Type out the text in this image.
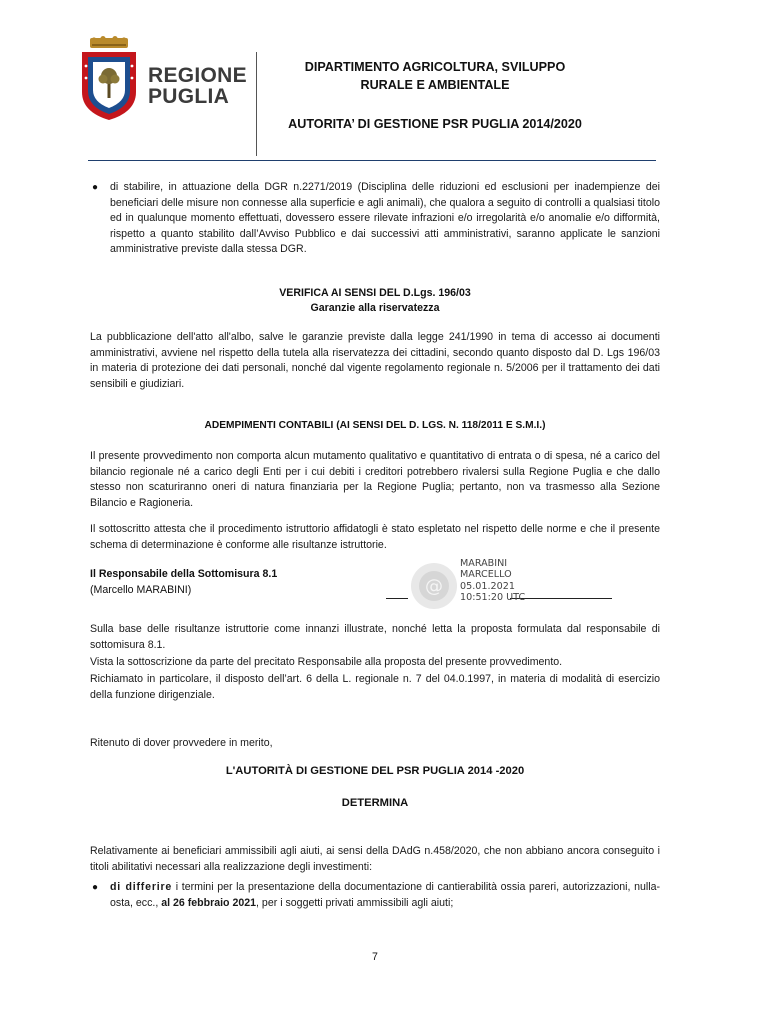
REGIONE
PUGLIA
DIPARTIMENTO AGRICOLTURA, SVILUPPO
RURALE E AMBIENTALE
AUTORITA’ DI GESTIONE PSR PUGLIA 2014/2020
● di stabilire, in attuazione della DGR n.2271/2019 (Disciplina delle riduzioni ed esclusioni per inadempienze dei beneficiari delle misure non connesse alla superficie e agli animali), che qualora a seguito di controlli a qualsiasi titolo ed in qualunque momento effettuati, dovessero essere rilevate infrazioni e/o irregolarità e/o anomalie e/o difformità, rispetto a quanto stabilito dall’Avviso Pubblico e dai successivi atti amministrativi, saranno applicate le sanzioni amministrative previste dalla stessa DGR.
VERIFICA AI SENSI DEL D.Lgs. 196/03
Garanzie alla riservatezza
La pubblicazione dell'atto all'albo, salve le garanzie previste dalla legge 241/1990 in tema di accesso ai documenti amministrativi, avviene nel rispetto della tutela alla riservatezza dei cittadini, secondo quanto disposto dal D. Lgs 196/03 in materia di protezione dei dati personali, nonché dal vigente regolamento regionale n. 5/2006 per il trattamento dei dati sensibili e giudiziari.
ADEMPIMENTI CONTABILI (AI SENSI DEL D. LGS. N. 118/2011 E S.M.I.)
Il presente provvedimento non comporta alcun mutamento qualitativo e quantitativo di entrata o di spesa, né a carico del bilancio regionale né a carico degli Enti per i cui debiti i creditori potrebbero rivalersi sulla Regione Puglia e che dallo stesso non scaturiranno oneri di natura finanziaria per la Regione Puglia; pertanto, non va trasmesso alla Sezione Bilancio e Ragioneria.
Il sottoscritto attesta che il procedimento istruttorio affidatogli è stato espletato nel rispetto delle norme e che il presente schema di determinazione è conforme alle risultanze istruttorie.
Il Responsabile della Sottomisura 8.1
(Marcello MARABINI)	@
MARABINI
MARCELLO
05.01.2021
10:51:20 UTC
Sulla base delle risultanze istruttorie come innanzi illustrate, nonché letta la proposta formulata dal responsabile di sottomisura 8.1.
Vista la sottoscrizione da parte del precitato Responsabile alla proposta del presente provvedimento.
Richiamato in particolare, il disposto dell’art. 6 della L. regionale n. 7 del 04.0.1997, in materia di modalità di esercizio della funzione dirigenziale.
Ritenuto di dover provvedere in merito,
L'AUTORITÀ DI GESTIONE DEL PSR PUGLIA 2014 -2020
DETERMINA
Relativamente ai beneficiari ammissibili agli aiuti, ai sensi della DAdG n.458/2020, che non abbiano ancora conseguito i titoli abilitativi necessari alla realizzazione degli investimenti:
● di differire i termini per la presentazione della documentazione di cantierabilità ossia pareri, autorizzazioni, nulla-osta, ecc., al 26 febbraio 2021, per i soggetti privati ammissibili agli aiuti;
7
